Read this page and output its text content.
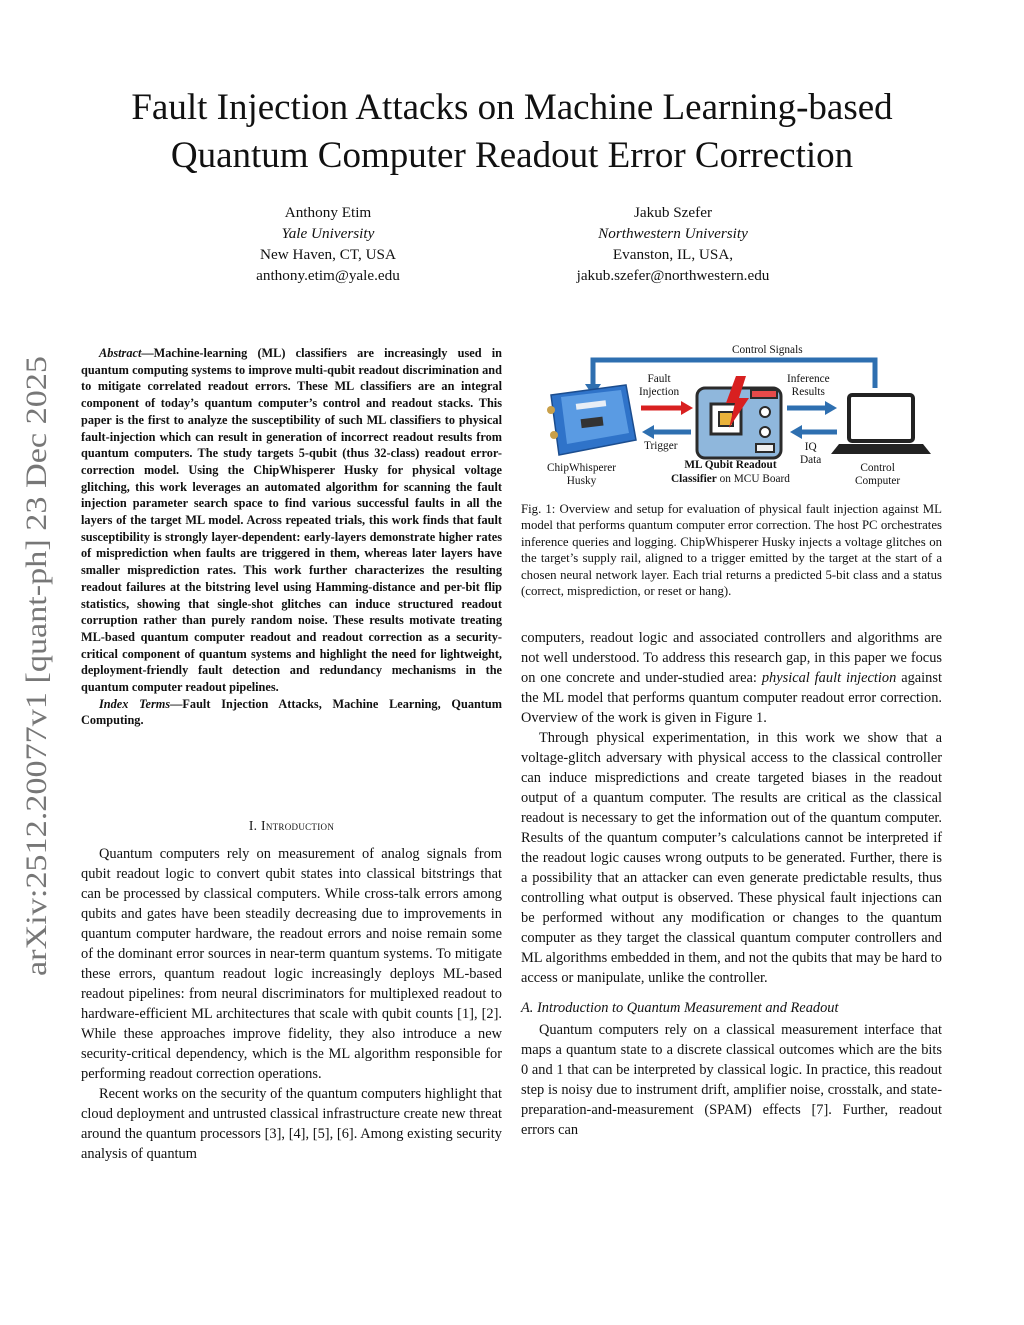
arXiv:2512.20077v1 [quant-ph] 23 Dec 2025
Fault Injection Attacks on Machine Learning-based
Quantum Computer Readout Error Correction
Anthony Etim
Yale University
New Haven, CT, USA
anthony.etim@yale.edu
Jakub Szefer
Northwestern University
Evanston, IL, USA,
jakub.szefer@northwestern.edu

Abstract—Machine-learning (ML) classifiers are increasingly used in quantum computing systems to improve multi-qubit readout discrimination and to mitigate correlated readout errors. These ML classifiers are an integral component of today’s quantum computer’s control and readout stacks. This paper is the first to analyze the susceptibility of such ML classifiers to physical fault-injection which can result in generation of incorrect readout results from quantum computers. The study targets 5-qubit (thus 32-class) readout error-correction model. Using the ChipWhisperer Husky for physical voltage glitching, this work leverages an automated algorithm for scanning the fault injection parameter search space to find various successful faults in all the layers of the target ML model. Across repeated trials, this work finds that fault susceptibility is strongly layer-dependent: early-layers demonstrate higher rates of misprediction when faults are triggered in them, whereas later layers have smaller misprediction rates. This work further characterizes the resulting readout failures at the bitstring level using Hamming-distance and per-bit flip statistics, showing that single-shot glitches can induce structured readout corruption rather than purely random noise. These results motivate treating ML-based quantum computer readout and readout correction as a security-critical component of quantum systems and highlight the need for lightweight, deployment-friendly fault detection and redundancy mechanisms in the quantum computer readout pipelines.

Index Terms—Fault Injection Attacks, Machine Learning, Quantum Computing.

I. Introduction

Quantum computers rely on measurement of analog signals from qubit readout logic to convert qubit states into classical bitstrings that can be processed by classical computers. While cross-talk errors among qubits and gates have been steadily decreasing due to improvements in quantum computer hardware, the readout errors and noise remain some of the dominant error sources in near-term quantum systems. To mitigate these errors, quantum readout logic increasingly deploys ML-based readout pipelines: from neural discriminators for multiplexed readout to hardware-efficient ML architectures that scale with qubit counts [1], [2]. While these approaches improve fidelity, they also introduce a new security-critical dependency, which is the ML algorithm responsible for performing readout correction operations.

Recent works on the security of the quantum computers highlight that cloud deployment and untrusted classical infrastructure create new threat around the quantum processors [3], [4], [5], [6]. Among existing security analysis of quantum

Control Signals
Fault
Injection
Inference
Results
Trigger	IQ
Data
ChipWhisperer
Husky
ML Qubit Readout
Classifier on MCU Board
Control
Computer
Fig. 1: Overview and setup for evaluation of physical fault injection against ML model that performs quantum computer error correction. The host PC orchestrates inference queries and logging. ChipWhisperer Husky injects a voltage glitches on the target’s supply rail, aligned to a trigger emitted by the target at the start of a chosen neural network layer. Each trial returns a predicted 5-bit class and a status (correct, misprediction, or reset or hang).

computers, readout logic and associated controllers and algorithms are not well understood. To address this research gap, in this paper we focus on one concrete and under-studied area: physical fault injection against the ML model that performs quantum computer readout error correction. Overview of the work is given in Figure 1.

Through physical experimentation, in this work we show that a voltage-glitch adversary with physical access to the classical controller can induce mispredictions and create targeted biases in the readout output of a quantum computer. The results are critical as the classical readout is necessary to get the information out of the quantum computer. Results of the quantum computer’s calculations cannot be interpreted if the readout logic causes wrong outputs to be generated. Further, there is a possibility that an attacker can even generate predictable results, thus controlling what output is observed. These physical fault injections can be performed without any modification or changes to the quantum computer as they target the classical quantum computer controllers and ML algorithms embedded in them, and not the qubits that may be hard to access or manipulate, unlike the controller.

A. Introduction to Quantum Measurement and Readout

Quantum computers rely on a classical measurement interface that maps a quantum state to a discrete classical outcomes which are the bits 0 and 1 that can be interpreted by classical logic. In practice, this readout step is noisy due to instrument drift, amplifier noise, crosstalk, and state-preparation-and-measurement (SPAM) effects [7]. Further, readout errors can
